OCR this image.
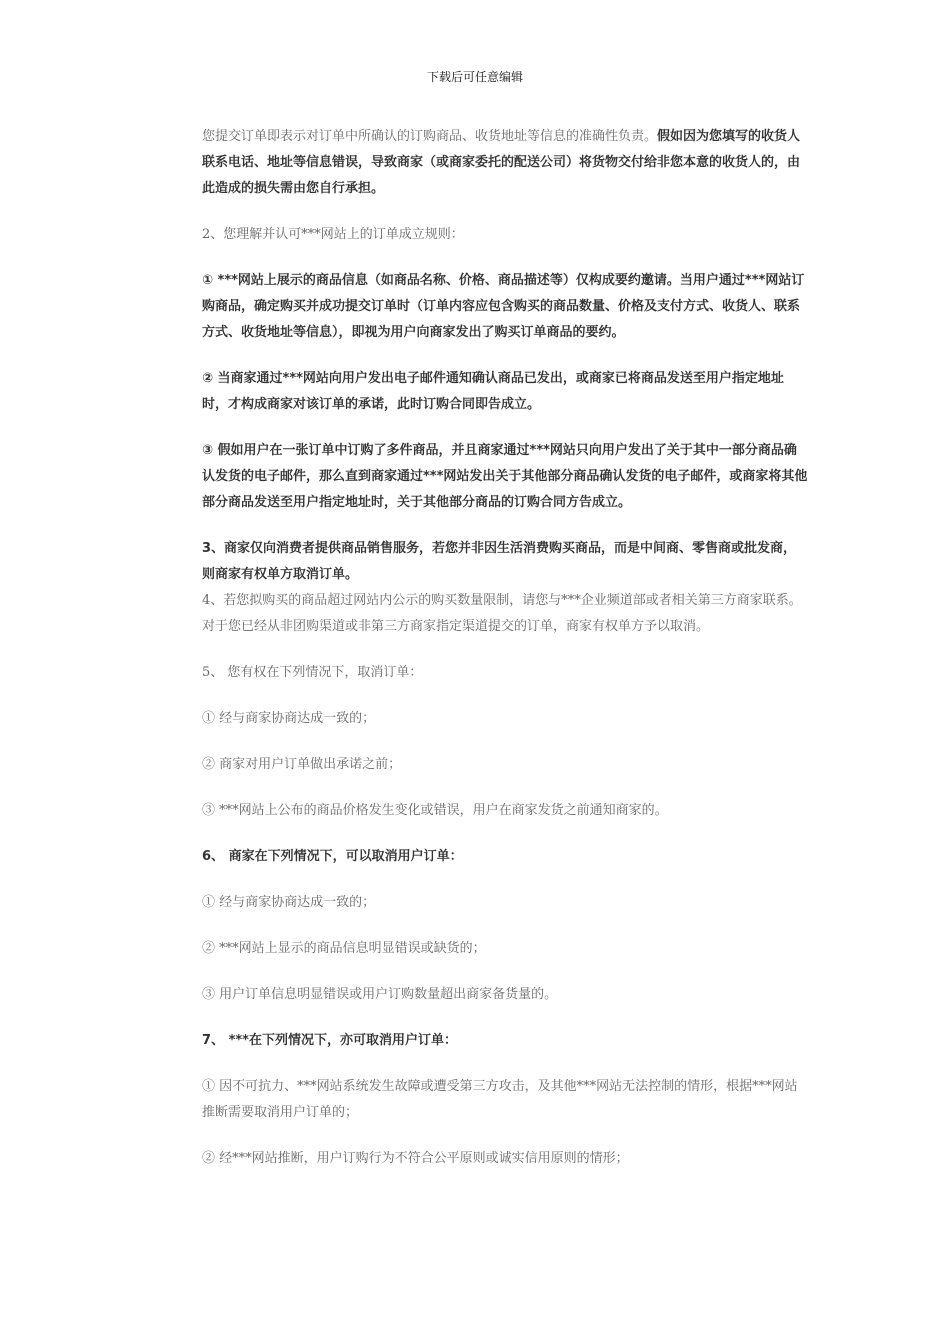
下载后可任意编辑

您提交订单即表示对订单中所确认的订购商品、收货地址等信息的准确性负责。假如因为您填写的收货人联系电话、地址等信息错误，导致商家（或商家委托的配送公司）将货物交付给非您本意的收货人的，由此造成的损失需由您自行承担。

2、您理解并认可***网站上的订单成立规则：

① ***网站上展示的商品信息（如商品名称、价格、商品描述等）仅构成要约邀请。当用户通过***网站订购商品，确定购买并成功提交订单时（订单内容应包含购买的商品数量、价格及支付方式、收货人、联系方式、收货地址等信息），即视为用户向商家发出了购买订单商品的要约。

② 当商家通过***网站向用户发出电子邮件通知确认商品已发出，或商家已将商品发送至用户指定地址时，才构成商家对该订单的承诺，此时订购合同即告成立。

③ 假如用户在一张订单中订购了多件商品，并且商家通过***网站只向用户发出了关于其中一部分商品确认发货的电子邮件，那么直到商家通过***网站发出关于其他部分商品确认发货的电子邮件，或商家将其他部分商品发送至用户指定地址时，关于其他部分商品的订购合同方告成立。

3、商家仅向消费者提供商品销售服务，若您并非因生活消费购买商品，而是中间商、零售商或批发商，则商家有权单方取消订单。

4、若您拟购买的商品超过网站内公示的购买数量限制，请您与***企业频道部或者相关第三方商家联系。对于您已经从非团购渠道或非第三方商家指定渠道提交的订单，商家有权单方予以取消。

5、 您有权在下列情况下，取消订单：

① 经与商家协商达成一致的；

② 商家对用户订单做出承诺之前；

③ ***网站上公布的商品价格发生变化或错误，用户在商家发货之前通知商家的。

6、 商家在下列情况下，可以取消用户订单：

① 经与商家协商达成一致的；

② ***网站上显示的商品信息明显错误或缺货的；

③ 用户订单信息明显错误或用户订购数量超出商家备货量的。

7、 ***在下列情况下，亦可取消用户订单：

① 因不可抗力、***网站系统发生故障或遭受第三方攻击，及其他***网站无法控制的情形，根据***网站推断需要取消用户订单的；

② 经***网站推断，用户订购行为不符合公平原则或诚实信用原则的情形；
